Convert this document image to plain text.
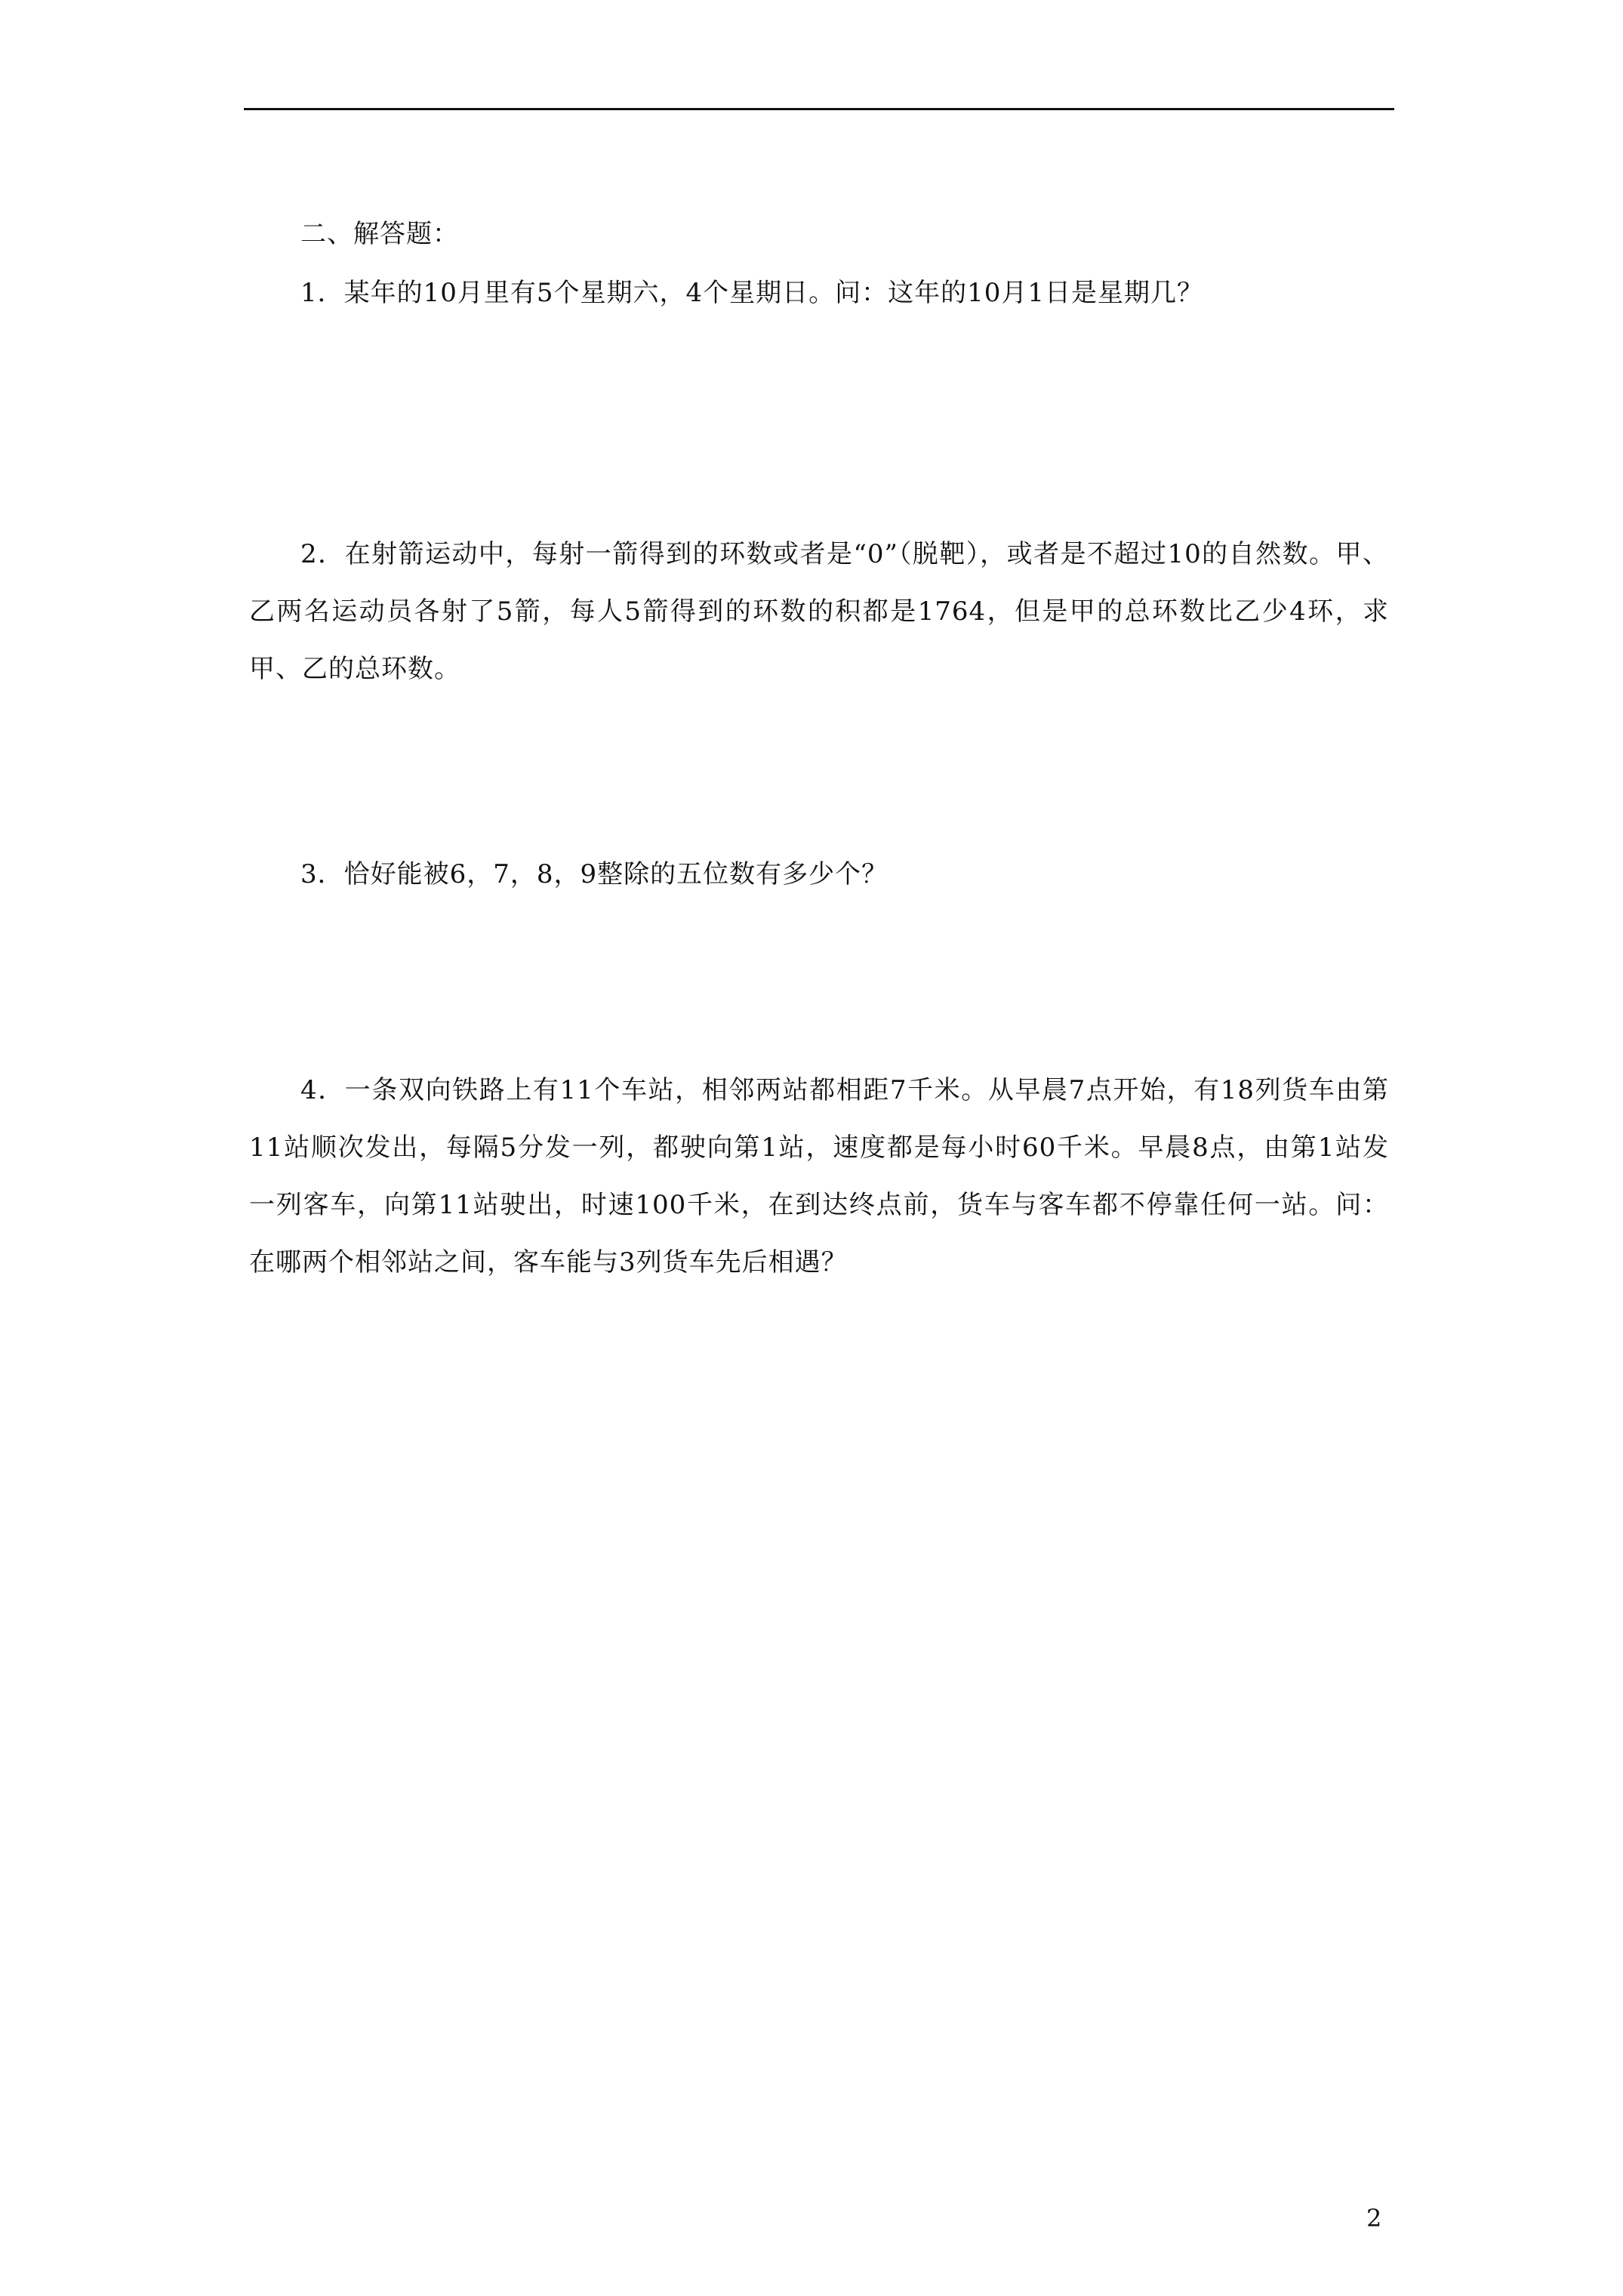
二、解答题：
1．某年的10月里有5个星期六，4个星期日。问：这年的10月1日是星期几？
2．在射箭运动中，每射一箭得到的环数或者是“0”（脱靶），或者是不超过10的自然数。甲、乙两名运动员各射了5箭，每人5箭得到的环数的积都是1764，但是甲的总环数比乙少4环，求甲、乙的总环数。
3．恰好能被6，7，8，9整除的五位数有多少个？
4．一条双向铁路上有11个车站，相邻两站都相距7千米。从早晨7点开始，有18列货车由第11站顺次发出，每隔5分发一列，都驶向第1站，速度都是每小时60千米。早晨8点，由第1站发一列客车，向第11站驶出，时速100千米，在到达终点前，货车与客车都不停靠任何一站。问：在哪两个相邻站之间，客车能与3列货车先后相遇？
2
